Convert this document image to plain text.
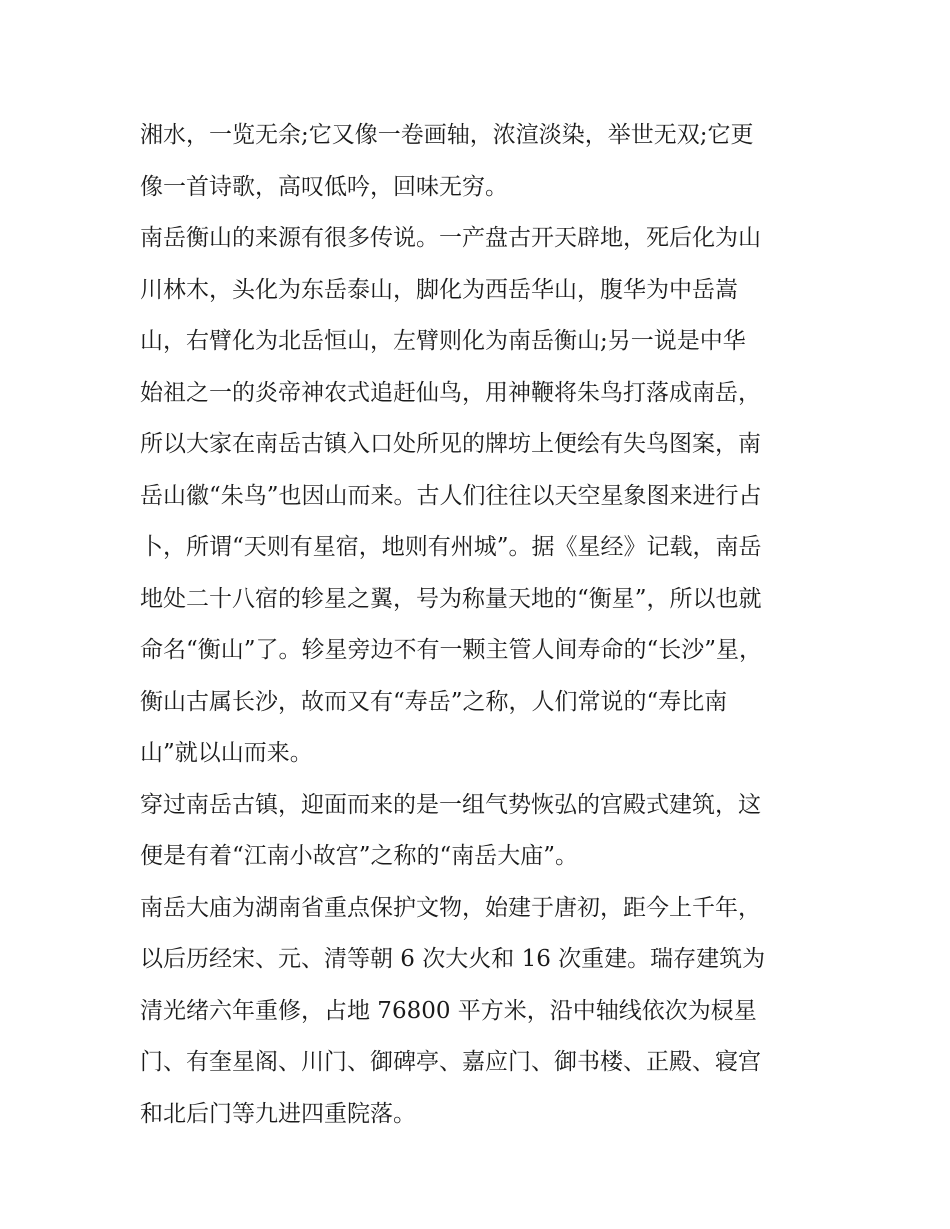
湘水，一览无余;它又像一卷画轴，浓渲淡染，举世无双;它更
像一首诗歌，高叹低吟，回味无穷。
南岳衡山的来源有很多传说。一产盘古开天辟地，死后化为山
川林木，头化为东岳泰山，脚化为西岳华山，腹华为中岳嵩
山，右臂化为北岳恒山，左臂则化为南岳衡山;另一说是中华
始祖之一的炎帝神农式追赶仙鸟，用神鞭将朱鸟打落成南岳，
所以大家在南岳古镇入口处所见的牌坊上便绘有失鸟图案，南
岳山徽“朱鸟”也因山而来。古人们往往以天空星象图来进行占
卜，所谓“天则有星宿，地则有州城”。据《星经》记载，南岳
地处二十八宿的轸星之翼，号为称量天地的“衡星”，所以也就
命名“衡山”了。轸星旁边不有一颗主管人间寿命的“长沙”星，
衡山古属长沙，故而又有“寿岳”之称，人们常说的“寿比南
山”就以山而来。
穿过南岳古镇，迎面而来的是一组气势恢弘的宫殿式建筑，这
便是有着“江南小故宫”之称的“南岳大庙”。
南岳大庙为湖南省重点保护文物，始建于唐初，距今上千年，
以后历经宋、元、清等朝 6 次大火和 16 次重建。瑞存建筑为
清光绪六年重修，占地 76800 平方米，沿中轴线依次为棂星
门、有奎星阁、川门、御碑亭、嘉应门、御书楼、正殿、寝宫
和北后门等九进四重院落。
